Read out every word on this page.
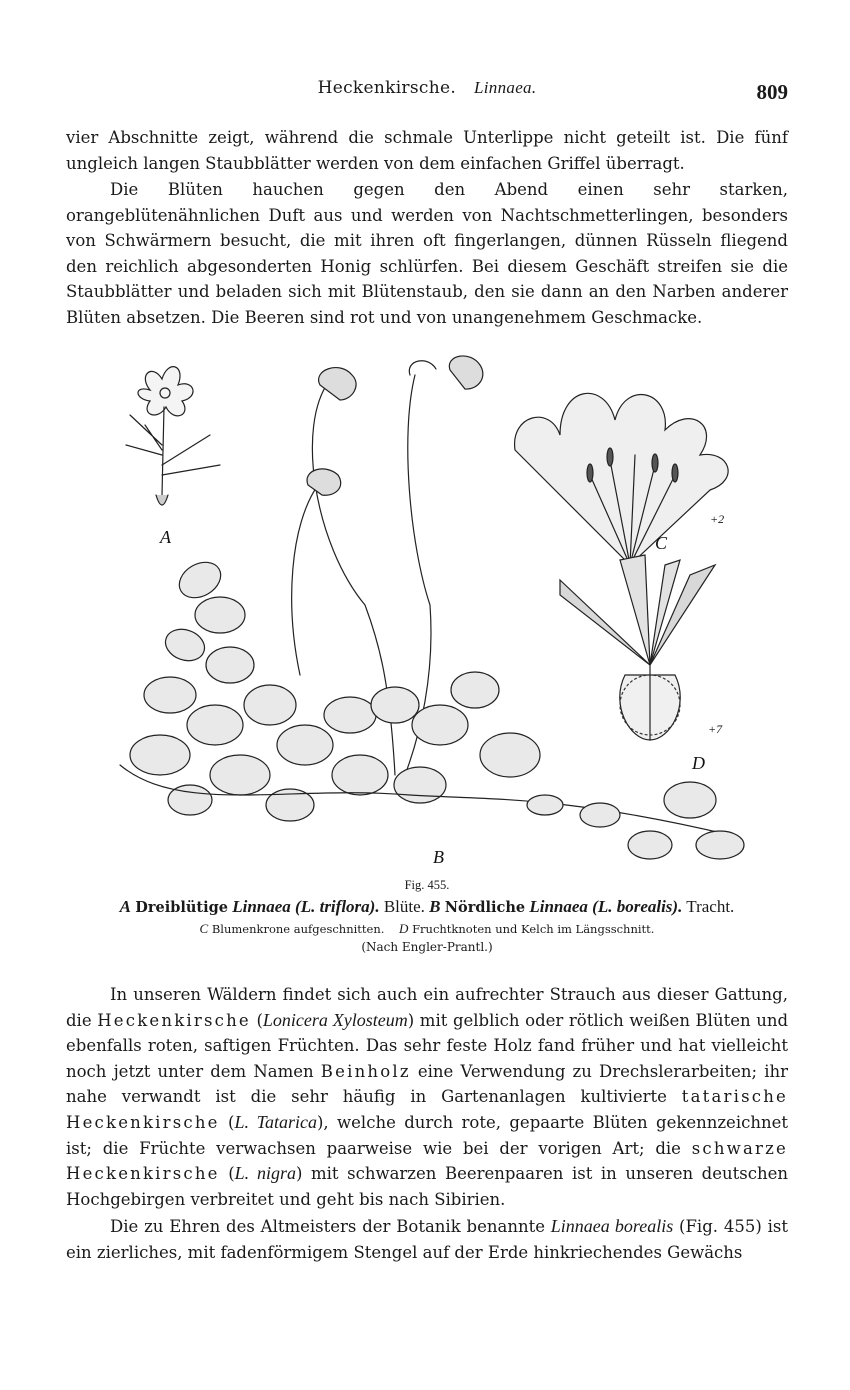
Heckenkirsche. Linnaea.	809

vier Abschnitte zeigt, während die schmale Unterlippe nicht geteilt ist. Die fünf ungleich langen Staubblätter werden von dem einfachen Griffel überragt.

Die Blüten hauchen gegen den Abend einen sehr starken, orangeblütenähnlichen Duft aus und werden von Nachtschmetterlingen, besonders von Schwärmern besucht, die mit ihren oft fingerlangen, dünnen Rüsseln fliegend den reichlich abgesonderten Honig schlürfen. Bei diesem Geschäft streifen sie die Staubblätter und beladen sich mit Blütenstaub, den sie dann an den Narben anderer Blüten absetzen. Die Beeren sind rot und von unangenehmem Geschmacke.

A
B
C
D
+2
+7

Fig. 455.

A Dreiblütige Linnaea (L. triflora). Blüte. B Nördliche Linnaea (L. borealis). Tracht.

C Blumenkrone aufgeschnitten. D Fruchtknoten und Kelch im Längsschnitt.

(Nach Engler-Prantl.)

In unseren Wäldern findet sich auch ein aufrechter Strauch aus dieser Gattung, die Heckenkirsche (Lonicera Xylosteum) mit gelblich oder rötlich weißen Blüten und ebenfalls roten, saftigen Früchten. Das sehr feste Holz fand früher und hat vielleicht noch jetzt unter dem Namen Beinholz eine Verwendung zu Drechslerarbeiten; ihr nahe verwandt ist die sehr häufig in Gartenanlagen kultivierte tatarische Heckenkirsche (L. Tatarica), welche durch rote, gepaarte Blüten gekennzeichnet ist; die Früchte verwachsen paarweise wie bei der vorigen Art; die schwarze Heckenkirsche (L. nigra) mit schwarzen Beerenpaaren ist in unseren deutschen Hochgebirgen verbreitet und geht bis nach Sibirien.

Die zu Ehren des Altmeisters der Botanik benannte Linnaea borealis (Fig. 455) ist ein zierliches, mit fadenförmigem Stengel auf der Erde hinkriechendes Gewächs
